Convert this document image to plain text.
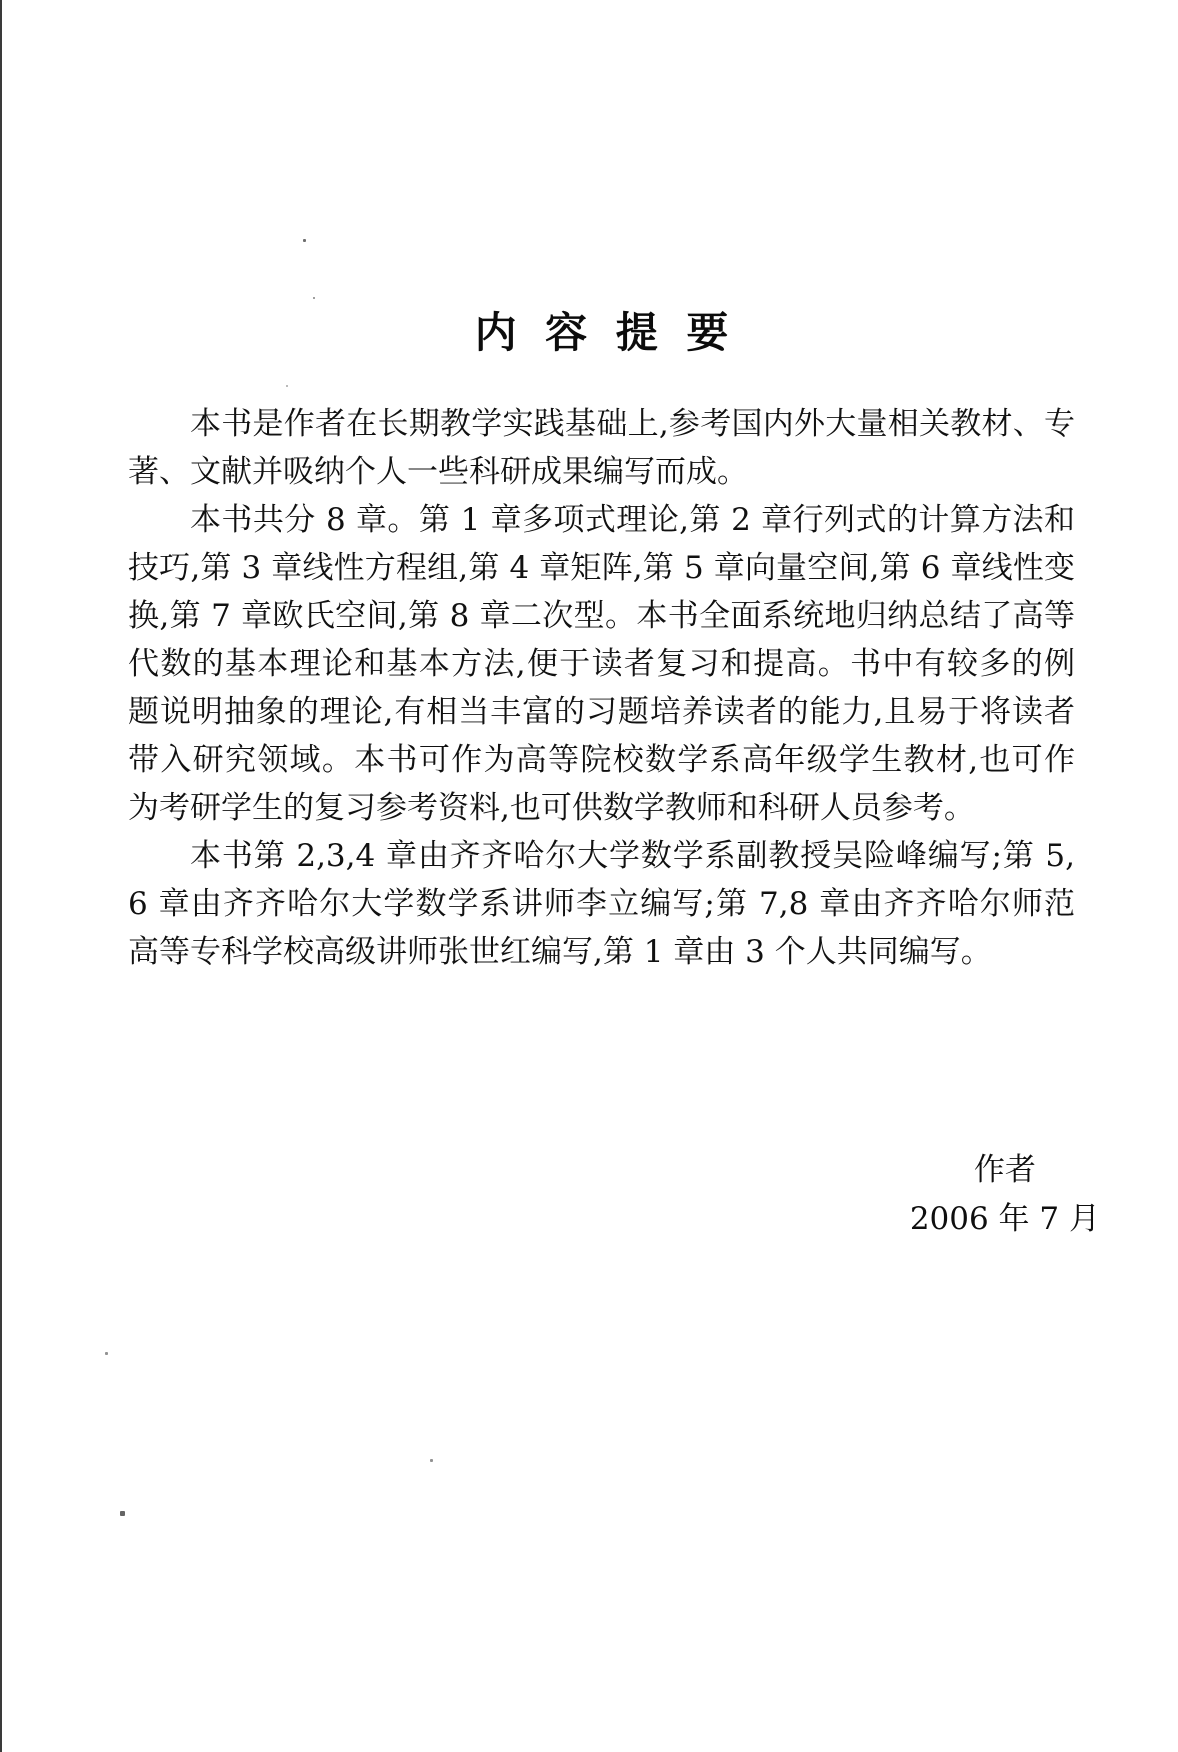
内 容 提 要
本书是作者在长期教学实践基础上,参考国内外大量相关教材、专
著、文献并吸纳个人一些科研成果编写而成。
本书共分 8 章。第 1 章多项式理论,第 2 章行列式的计算方法和
技巧,第 3 章线性方程组,第 4 章矩阵,第 5 章向量空间,第 6 章线性变
换,第 7 章欧氏空间,第 8 章二次型。本书全面系统地归纳总结了高等
代数的基本理论和基本方法,便于读者复习和提高。书中有较多的例
题说明抽象的理论,有相当丰富的习题培养读者的能力,且易于将读者
带入研究领域。本书可作为高等院校数学系高年级学生教材,也可作
为考研学生的复习参考资料,也可供数学教师和科研人员参考。
本书第 2,3,4 章由齐齐哈尔大学数学系副教授吴险峰编写;第 5,
6 章由齐齐哈尔大学数学系讲师李立编写;第 7,8 章由齐齐哈尔师范
高等专科学校高级讲师张世红编写,第 1 章由 3 个人共同编写。
作者
2006 年 7 月
